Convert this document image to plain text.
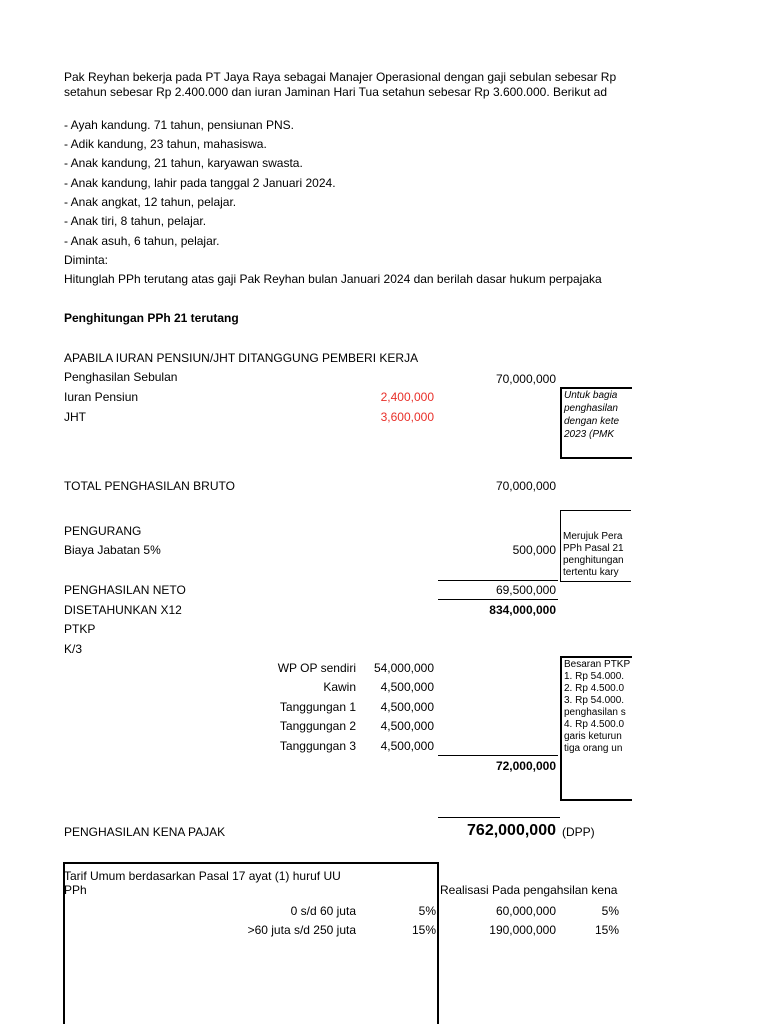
Pak Reyhan bekerja pada PT Jaya Raya sebagai Manajer Operasional dengan gaji sebulan sebesar Rp
setahun sebesar Rp 2.400.000 dan iuran Jaminan Hari Tua setahun sebesar Rp 3.600.000. Berikut ad
- Ayah kandung. 71 tahun, pensiunan PNS.
- Adik kandung, 23 tahun, mahasiswa.
- Anak kandung, 21 tahun, karyawan swasta.
- Anak kandung, lahir pada tanggal 2 Januari 2024.
- Anak angkat, 12 tahun, pelajar.
- Anak tiri, 8 tahun, pelajar.
- Anak asuh, 6 tahun, pelajar.
Diminta:
Hitunglah PPh terutang atas gaji Pak Reyhan bulan Januari 2024 dan berilah dasar hukum perpajaka
Penghitungan PPh 21 terutang
APABILA IURAN PENSIUN/JHT DITANGGUNG PEMBERI KERJA
Penghasilan Sebulan	70,000,000
Iuran Pensiun	2,400,000
JHT	3,600,000
Untuk bagia
penghasilan
dengan kete
2023 (PMK
TOTAL PENGHASILAN BRUTO	70,000,000
PENGURANG
Biaya Jabatan 5%	500,000
Merujuk Pera
PPh Pasal 21
penghitungan
tertentu kary
PENGHASILAN NETO	69,500,000
DISETAHUNKAN X12	834,000,000
PTKP
K/3
WP OP sendiri	54,000,000
Kawin	4,500,000
Tanggungan 1	4,500,000
Tanggungan 2	4,500,000
Tanggungan 3	4,500,000
72,000,000
Besaran PTKP
1. Rp 54.000.
2. Rp 4.500.0
3. Rp 54.000.
penghasilan s
4. Rp 4.500.0
garis keturun
tiga orang un
PENGHASILAN KENA PAJAK	762,000,000 (DPP)
Tarif Umum berdasarkan Pasal 17 ayat (1) huruf UU
PPh	Realisasi Pada pengahsilan kena
0 s/d 60 juta	5%	60,000,000	5%
>60 juta s/d 250 juta	15%	190,000,000	15%
